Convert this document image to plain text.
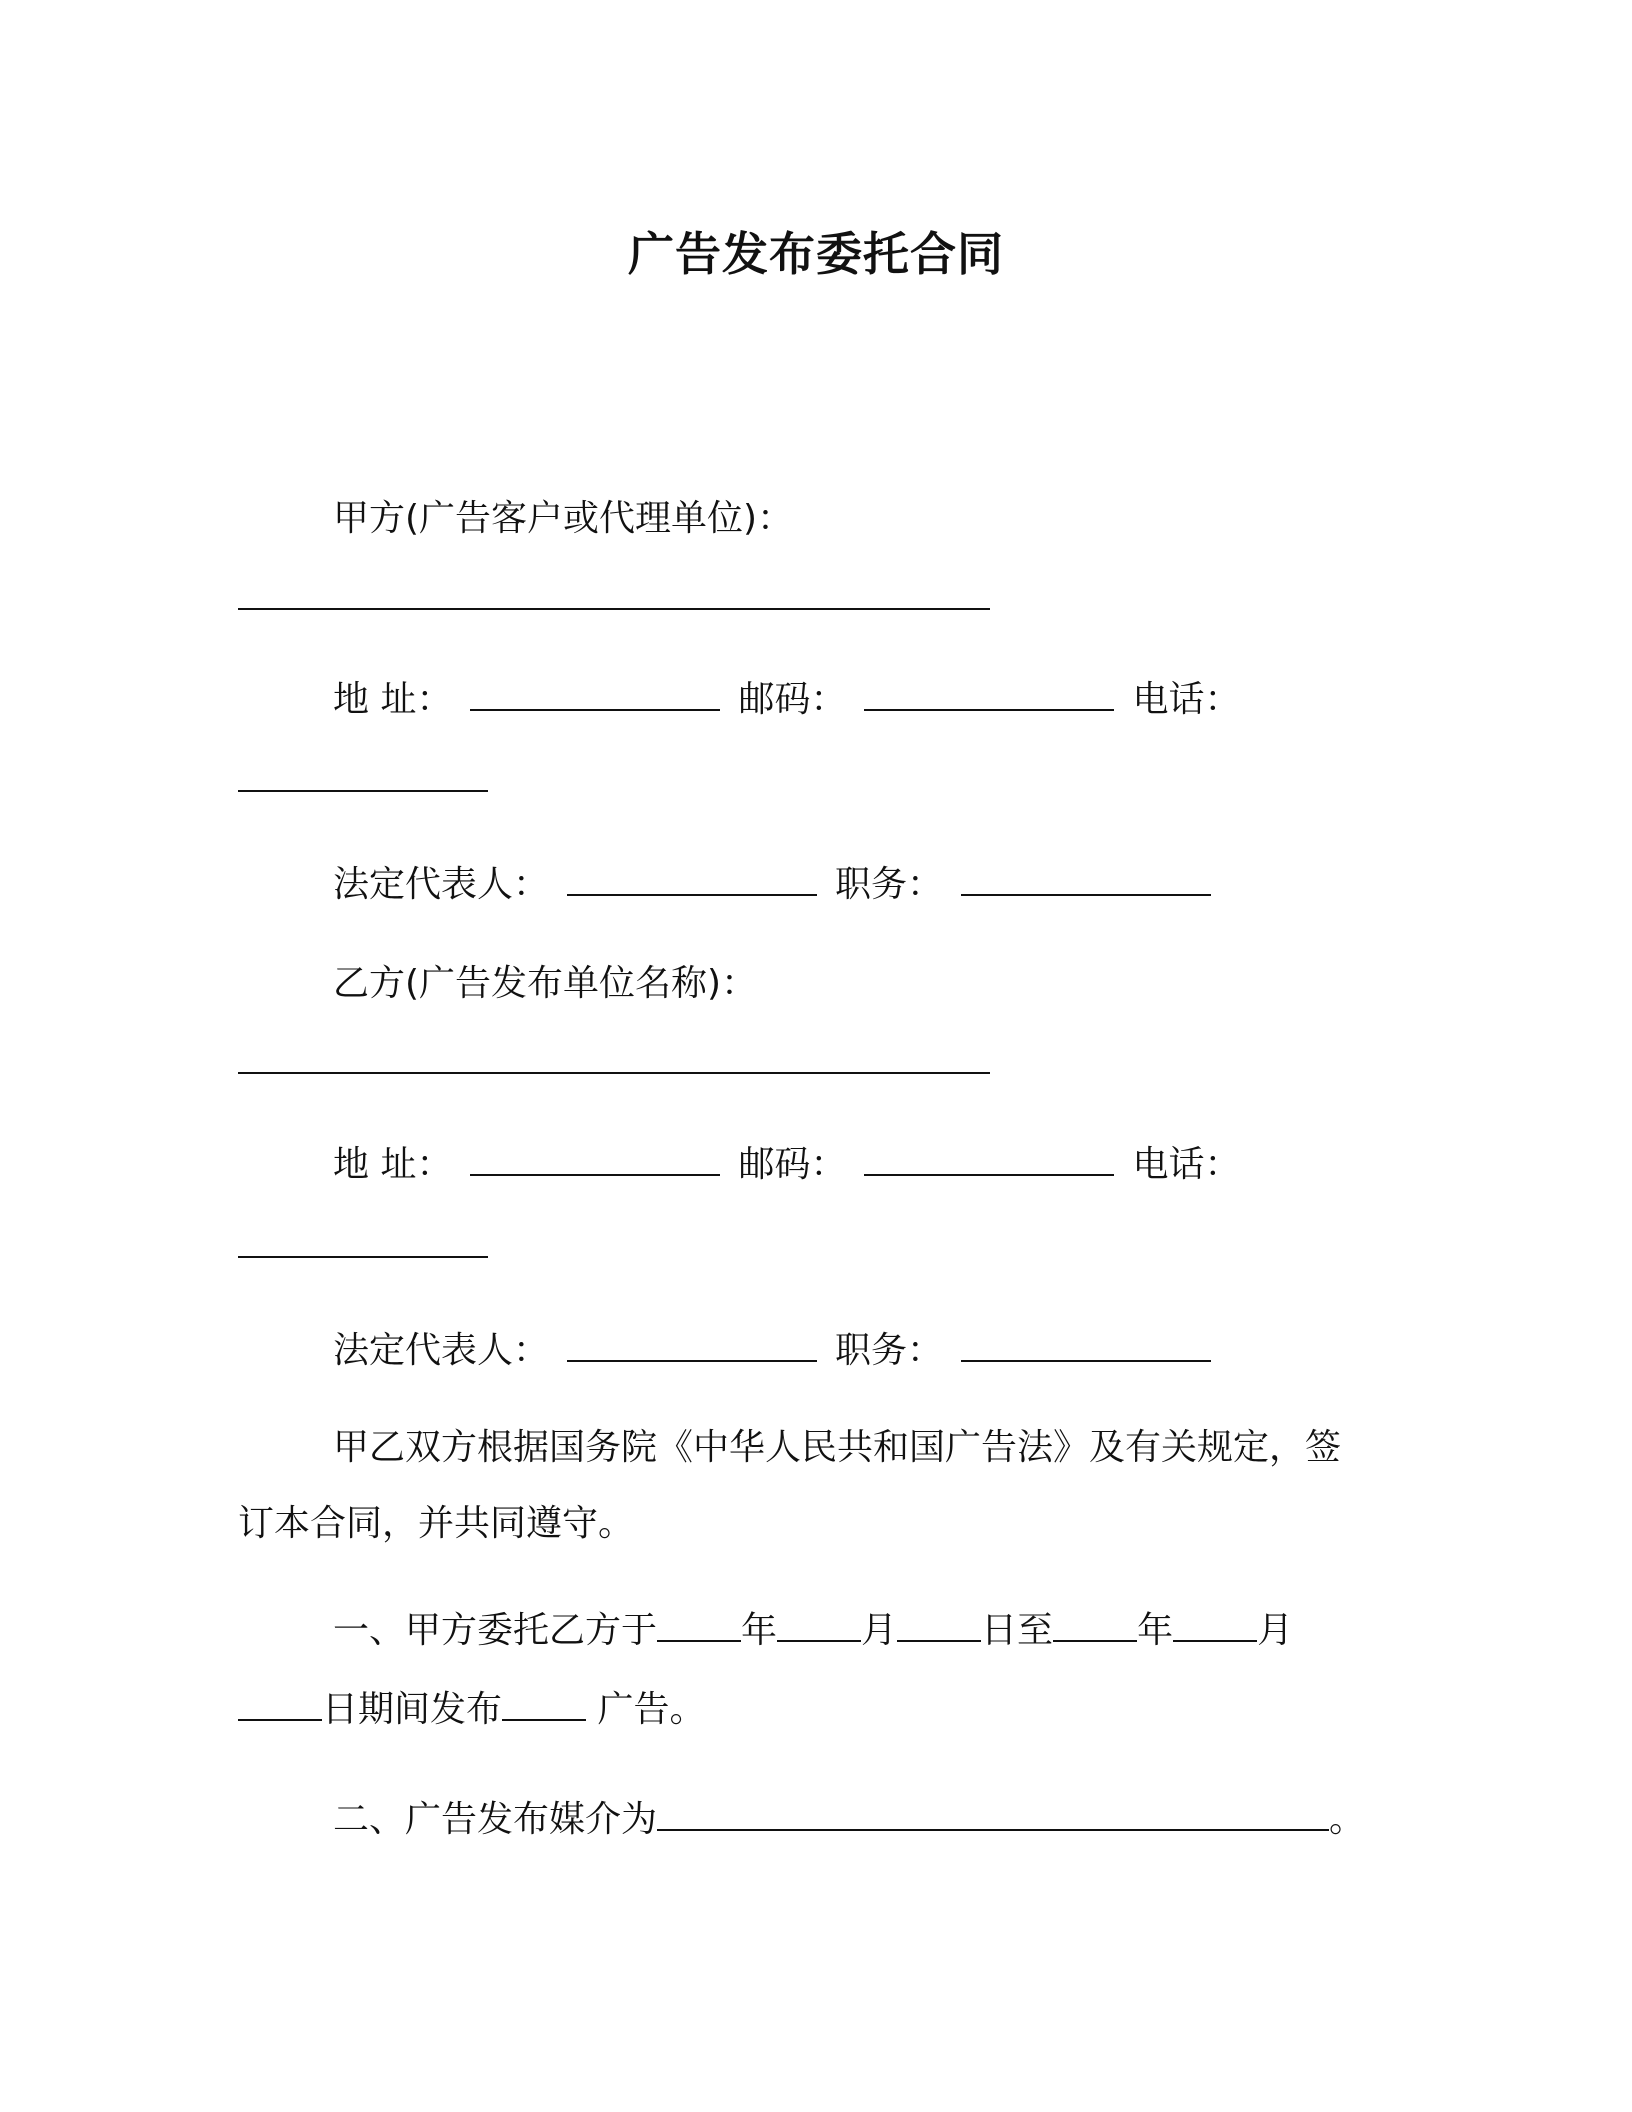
广告发布委托合同
甲方(广告客户或代理单位)：
地 址：	邮码：	电话：
法定代表人：	职务：
乙方(广告发布单位名称)：
地 址：	邮码：	电话：
法定代表人：	职务：
甲乙双方根据国务院《中华人民共和国广告法》及有关规定，签
订本合同，并共同遵守。
一、甲方委托乙方于 年 月 日至 年 月
日期间发布 广告。
二、广告发布媒介为	。
